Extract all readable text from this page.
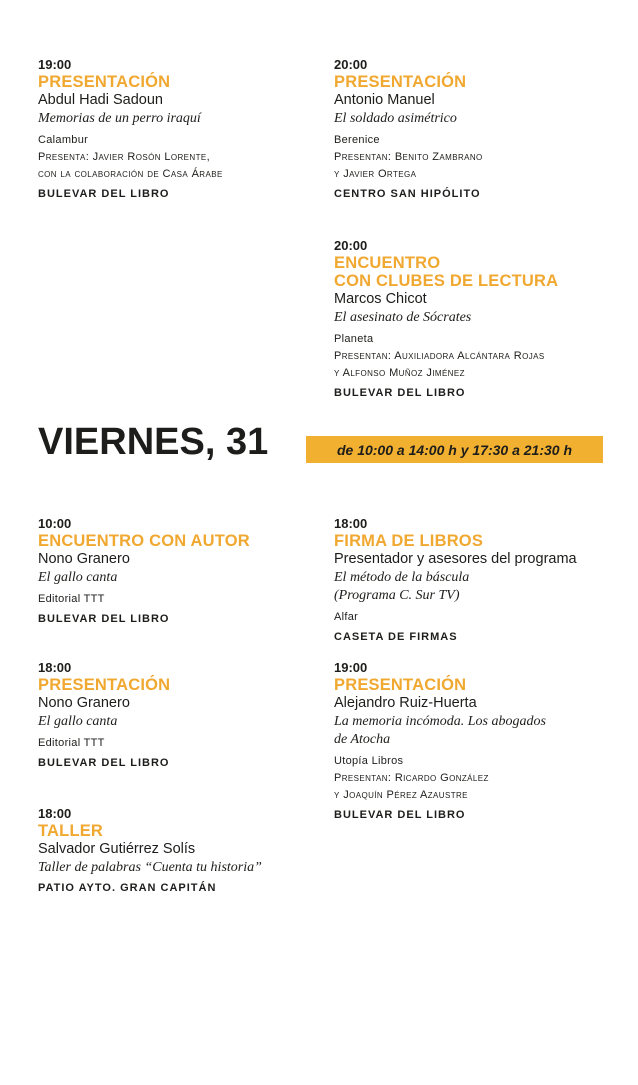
19:00
PRESENTACIÓN
Abdul Hadi Sadoun
Memorias de un perro iraquí
Calambur
Presenta: Javier Rosón Lorente,
con la colaboración de Casa Árabe
BULEVAR DEL LIBRO
20:00
PRESENTACIÓN
Antonio Manuel
El soldado asimétrico
Berenice
Presentan: Benito Zambrano
y Javier Ortega
CENTRO SAN HIPÓLITO
20:00
ENCUENTRO
CON CLUBES DE LECTURA
Marcos Chicot
El asesinato de Sócrates
Planeta
Presentan: Auxiliadora Alcántara Rojas
y Alfonso Muñoz Jiménez
BULEVAR DEL LIBRO
VIERNES, 31	de 10:00 a 14:00 h y 17:30 a 21:30 h
10:00
ENCUENTRO CON AUTOR
Nono Granero
El gallo canta
Editorial TTT
BULEVAR DEL LIBRO
18:00
FIRMA DE LIBROS
Presentador y asesores del programa
El método de la báscula
(Programa C. Sur TV)
Alfar
CASETA DE FIRMAS
18:00
PRESENTACIÓN
Nono Granero
El gallo canta
Editorial TTT
BULEVAR DEL LIBRO
19:00
PRESENTACIÓN
Alejandro Ruiz-Huerta
La memoria incómoda. Los abogados
de Atocha
Utopía Libros
Presentan: Ricardo González
y Joaquín Pérez Azaustre
BULEVAR DEL LIBRO
18:00
TALLER
Salvador Gutiérrez Solís
Taller de palabras “Cuenta tu historia”
PATIO AYTO. GRAN CAPITÁN
